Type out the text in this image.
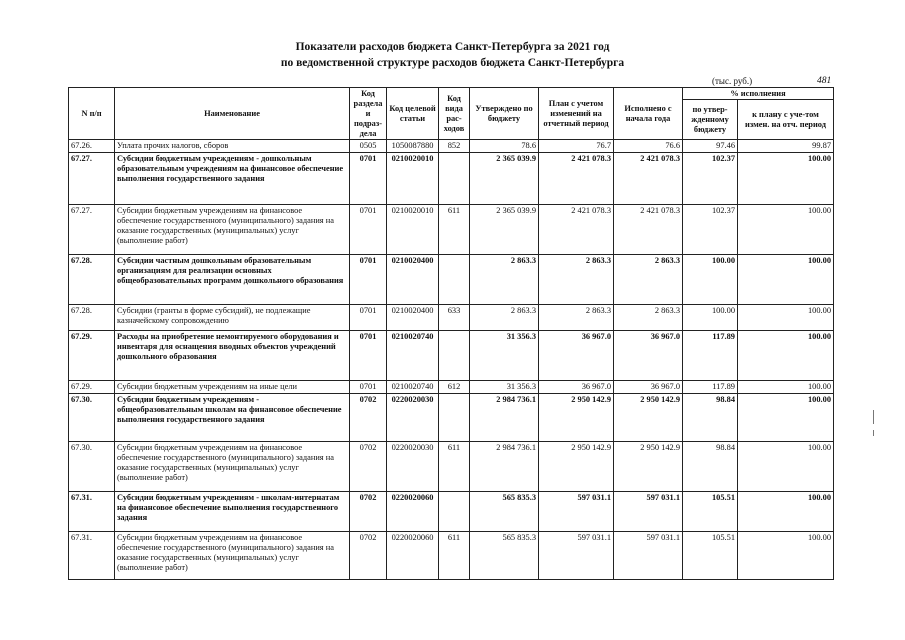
Показатели расходов бюджета Санкт-Петербурга за 2021 год
по ведомственной структуре расходов бюджета Санкт-Петербурга
(тыс. руб.)	481
N п/п	Наименование	Код раздела и подраз-дела	Код целевой статьи	Код вида рас-ходов	Утверждено по бюджету	План с учетом изменений на отчетный период	Исполнено с начала года	% исполнения	
								по утвер-жденному бюджету	к плану с уче-том измен. на отч. период
67.26.	Уплата прочих налогов, сборов	0505	1050087880	852	78.6	76.7	76.6	97.46	99.87
67.27.	Субсидии бюджетным учреждениям - дошкольным образовательным учреждениям на финансовое обеспечение выполнения государственного задания	0701	0210020010		2 365 039.9	2 421 078.3	2 421 078.3	102.37	100.00
67.27.	Субсидии бюджетным учреждениям на финансовое обеспечение государственного (муниципального) задания на оказание государственных (муниципальных) услуг (выполнение работ)	0701	0210020010	611	2 365 039.9	2 421 078.3	2 421 078.3	102.37	100.00
67.28.	Субсидии частным дошкольным образовательным организациям для реализации основных общеобразовательных программ дошкольного образования	0701	0210020400		2 863.3	2 863.3	2 863.3	100.00	100.00
67.28.	Субсидии (гранты в форме субсидий), не подлежащие казначейскому сопровождению	0701	0210020400	633	2 863.3	2 863.3	2 863.3	100.00	100.00
67.29.	Расходы на приобретение немонтируемого оборудования и инвентаря для оснащения вводных объектов учреждений дошкольного образования	0701	0210020740		31 356.3	36 967.0	36 967.0	117.89	100.00
67.29.	Субсидии бюджетным учреждениям на иные цели	0701	0210020740	612	31 356.3	36 967.0	36 967.0	117.89	100.00
67.30.	Субсидии бюджетным учреждениям - общеобразовательным школам на финансовое обеспечение выполнения государственного задания	0702	0220020030		2 984 736.1	2 950 142.9	2 950 142.9	98.84	100.00
67.30.	Субсидии бюджетным учреждениям на финансовое обеспечение государственного (муниципального) задания на оказание государственных (муниципальных) услуг (выполнение работ)	0702	0220020030	611	2 984 736.1	2 950 142.9	2 950 142.9	98.84	100.00
67.31.	Субсидии бюджетным учреждениям - школам-интернатам на финансовое обеспечение выполнения государственного задания	0702	0220020060		565 835.3	597 031.1	597 031.1	105.51	100.00
67.31.	Субсидии бюджетным учреждениям на финансовое обеспечение государственного (муниципального) задания на оказание государственных (муниципальных) услуг (выполнение работ)	0702	0220020060	611	565 835.3	597 031.1	597 031.1	105.51	100.00
